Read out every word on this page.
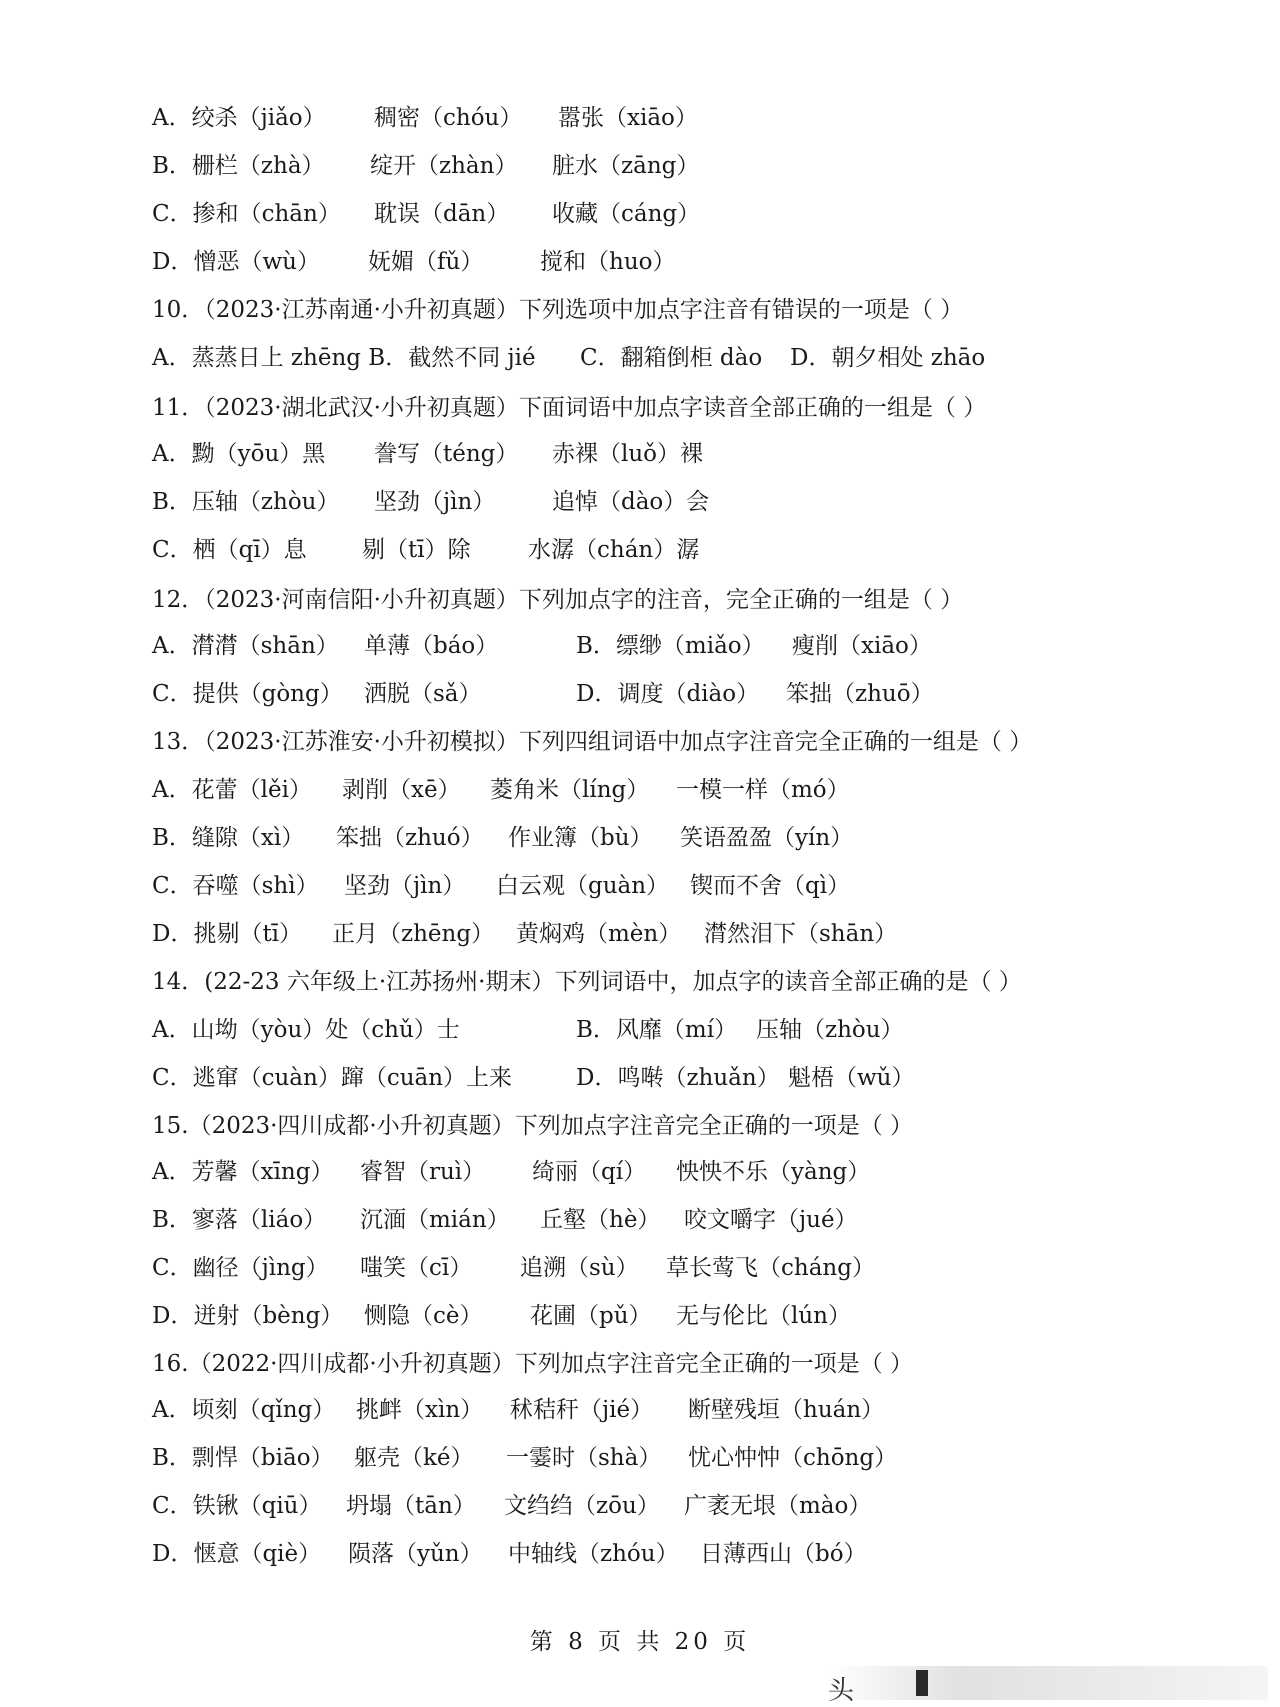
A．绞杀（jiǎo） 稠密（chóu） 嚣张（xiāo）
B．栅栏（zhà） 绽开（zhàn） 脏水（zāng）
C．掺和（chān） 耽误（dān） 收藏（cáng）
D．憎恶（wù） 妩媚（fǔ） 搅和（huo）
10．（2023·江苏南通·小升初真题）下列选项中加点字注音有错误的一项是（ ）
A．蒸蒸日上 zhēng B．截然不同 jié C．翻箱倒柜 dào D．朝夕相处 zhāo
11．（2023·湖北武汉·小升初真题）下面词语中加点字读音全部正确的一组是（ ）
A．黝（yōu）黑 誊写（téng） 赤裸（luǒ）裸
B．压轴（zhòu） 坚劲（jìn） 追悼（dào）会
C．栖（qī）息 剔（tī）除 水潺（chán）潺
12．（2023·河南信阳·小升初真题）下列加点字的注音，完全正确的一组是（ ）
A．潸潸（shān） 单薄（báo）	B．缥缈（miǎo） 瘦削（xiāo）
C．提供（gòng） 洒脱（sǎ）	D．调度（diào） 笨拙（zhuō）
13．（2023·江苏淮安·小升初模拟）下列四组词语中加点字注音完全正确的一组是（ ）
A．花蕾（lěi） 剥削（xē） 菱角米（líng） 一模一样（mó）
B．缝隙（xì） 笨拙（zhuó） 作业簿（bù） 笑语盈盈（yín）
C．吞噬（shì） 坚劲（jìn） 白云观（guàn） 锲而不舍（qì）
D．挑剔（tī） 正月（zhēng） 黄焖鸡（mèn） 潸然泪下（shān）
14．(22-23 六年级上·江苏扬州·期末）下列词语中，加点字的读音全部正确的是（ ）
A．山坳（yòu）处（chǔ）士	B．风靡（mí） 压轴（zhòu）
C．逃窜（cuàn）蹿（cuān）上来	D．鸣啭（zhuǎn） 魁梧（wǔ）
15.（2023·四川成都·小升初真题）下列加点字注音完全正确的一项是（ ）
A．芳馨（xīng） 睿智（ruì） 绮丽（qí） 怏怏不乐（yàng）
B．寥落（liáo） 沉湎（mián） 丘壑（hè） 咬文嚼字（jué）
C．幽径（jìng） 嗤笑（cī） 追溯（sù） 草长莺飞（cháng）
D．迸射（bèng） 恻隐（cè） 花圃（pǔ） 无与伦比（lún）
16.（2022·四川成都·小升初真题）下列加点字注音完全正确的一项是（ ）
A．顷刻（qǐng） 挑衅（xìn） 秫秸秆（jié） 断壁残垣（huán）
B．剽悍（biāo） 躯壳（ké） 一霎时（shà） 忧心忡忡（chōng）
C．铁锹（qiū） 坍塌（tān） 文绉绉（zōu） 广袤无垠（mào）
D．惬意（qiè） 陨落（yǔn） 中轴线（zhóu） 日薄西山（bó）
第 8 页 共 20 页
头
